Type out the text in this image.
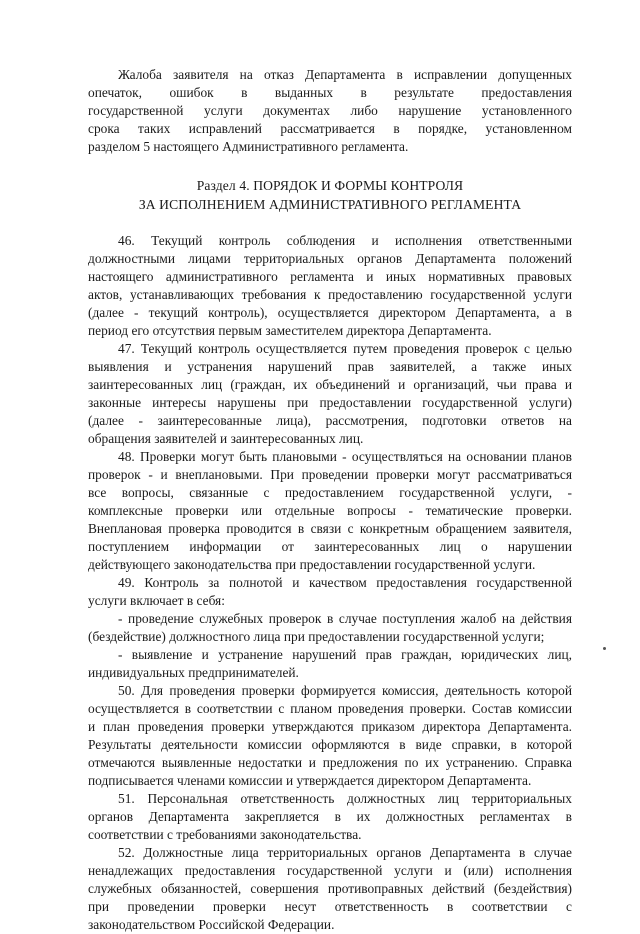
Жалоба заявителя на отказ Департамента в исправлении допущенных
опечаток, ошибок в выданных в результате предоставления
государственной услуги документах либо нарушение установленного
срока таких исправлений рассматривается в порядке, установленном
разделом 5 настоящего Административного регламента.
Раздел 4. ПОРЯДОК И ФОРМЫ КОНТРОЛЯ
ЗА ИСПОЛНЕНИЕМ АДМИНИСТРАТИВНОГО РЕГЛАМЕНТА
46. Текущий контроль соблюдения и исполнения ответственными
должностными лицами территориальных органов Департамента положений
настоящего административного регламента и иных нормативных правовых
актов, устанавливающих требования к предоставлению государственной услуги
(далее - текущий контроль), осуществляется директором Департамента, а в
период его отсутствия первым заместителем директора Департамента.
47. Текущий контроль осуществляется путем проведения проверок с целью
выявления и устранения нарушений прав заявителей, а также иных
заинтересованных лиц (граждан, их объединений и организаций, чьи права и
законные интересы нарушены при предоставлении государственной услуги)
(далее - заинтересованные лица), рассмотрения, подготовки ответов на
обращения заявителей и заинтересованных лиц.
48. Проверки могут быть плановыми - осуществляться на основании планов
проверок - и внеплановыми. При проведении проверки могут рассматриваться
все вопросы, связанные с предоставлением государственной услуги, -
комплексные проверки или отдельные вопросы - тематические проверки.
Внеплановая проверка проводится в связи с конкретным обращением заявителя,
поступлением информации от заинтересованных лиц о нарушении
действующего законодательства при предоставлении государственной услуги.
49. Контроль за полнотой и качеством предоставления государственной
услуги включает в себя:
- проведение служебных проверок в случае поступления жалоб на действия
(бездействие) должностного лица при предоставлении государственной услуги;
- выявление и устранение нарушений прав граждан, юридических лиц,
индивидуальных предпринимателей.
50. Для проведения проверки формируется комиссия, деятельность которой
осуществляется в соответствии с планом проведения проверки. Состав комиссии
и план проведения проверки утверждаются приказом директора Департамента.
Результаты деятельности комиссии оформляются в виде справки, в которой
отмечаются выявленные недостатки и предложения по их устранению. Справка
подписывается членами комиссии и утверждается директором Департамента.
51. Персональная ответственность должностных лиц территориальных
органов Департамента закрепляется в их должностных регламентах в
соответствии с требованиями законодательства.
52. Должностные лица территориальных органов Департамента в случае
ненадлежащих предоставления государственной услуги и (или) исполнения
служебных обязанностей, совершения противоправных действий (бездействия)
при проведении проверки несут ответственность в соответствии с
законодательством Российской Федерации.
